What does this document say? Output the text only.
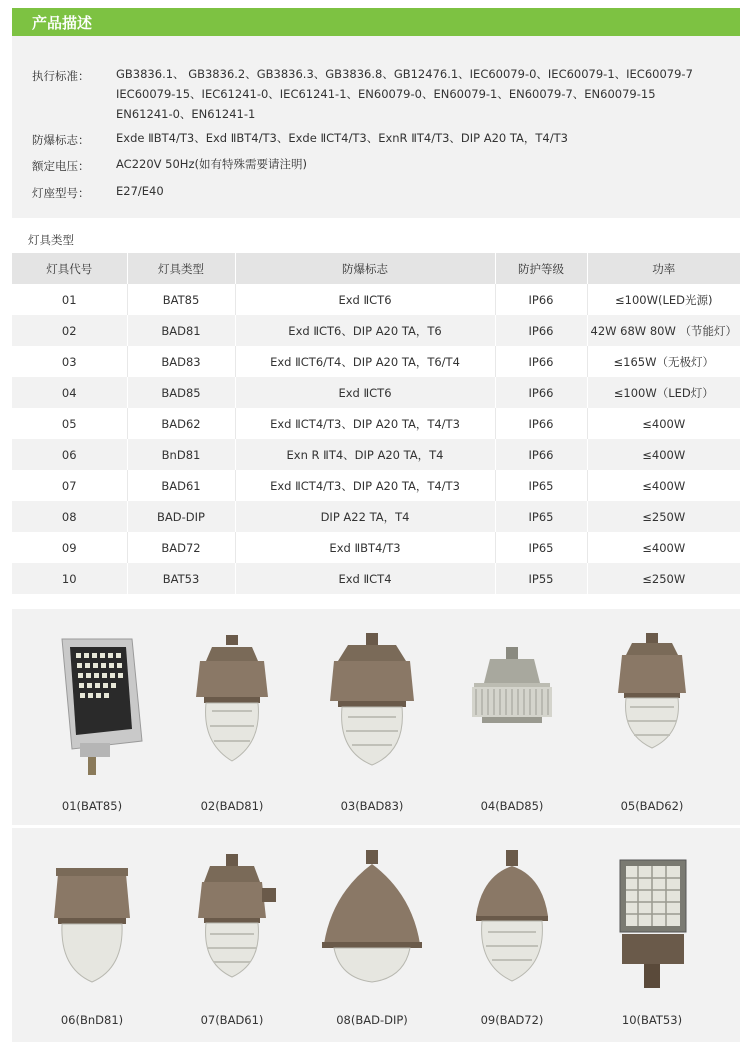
产品描述
执行标准： GB3836.1、 GB3836.2、GB3836.3、GB3836.8、GB12476.1、IEC60079-0、IEC60079-1、IEC60079-7
IEC60079-15、IEC61241-0、IEC61241-1、EN60079-0、EN60079-1、EN60079-7、EN60079-15
EN61241-0、EN61241-1
防爆标志： Exde ⅡBT4/T3、Exd ⅡBT4/T3、Exde ⅡCT4/T3、ExnR ⅡT4/T3、DIP A20 TA，T4/T3
额定电压： AC220V 50Hz(如有特殊需要请注明)
灯座型号： E27/E40
灯具类型
灯具代号	灯具类型	防爆标志	防护等级	功率
01	BAT85	Exd ⅡCT6	IP66	≤100W(LED光源)
02	BAD81	Exd ⅡCT6、DIP A20 TA，T6	IP66	42W 68W 80W （节能灯）
03	BAD83	Exd ⅡCT6/T4、DIP A20 TA，T6/T4	IP66	≤165W（无极灯）
04	BAD85	Exd ⅡCT6	IP66	≤100W（LED灯）
05	BAD62	Exd ⅡCT4/T3、DIP A20 TA，T4/T3	IP66	≤400W
06	BnD81	Exn R ⅡT4、DIP A20 TA，T4	IP66	≤400W
07	BAD61	Exd ⅡCT4/T3、DIP A20 TA，T4/T3	IP65	≤400W
08	BAD-DIP	DIP A22 TA，T4	IP65	≤250W
09	BAD72	Exd ⅡBT4/T3	IP65	≤400W
10	BAT53	Exd ⅡCT4	IP55	≤250W
01(BAT85)	02(BAD81)	03(BAD83)	04(BAD85)	05(BAD62)
06(BnD81)	07(BAD61)	08(BAD-DIP)	09(BAD72)	10(BAT53)
